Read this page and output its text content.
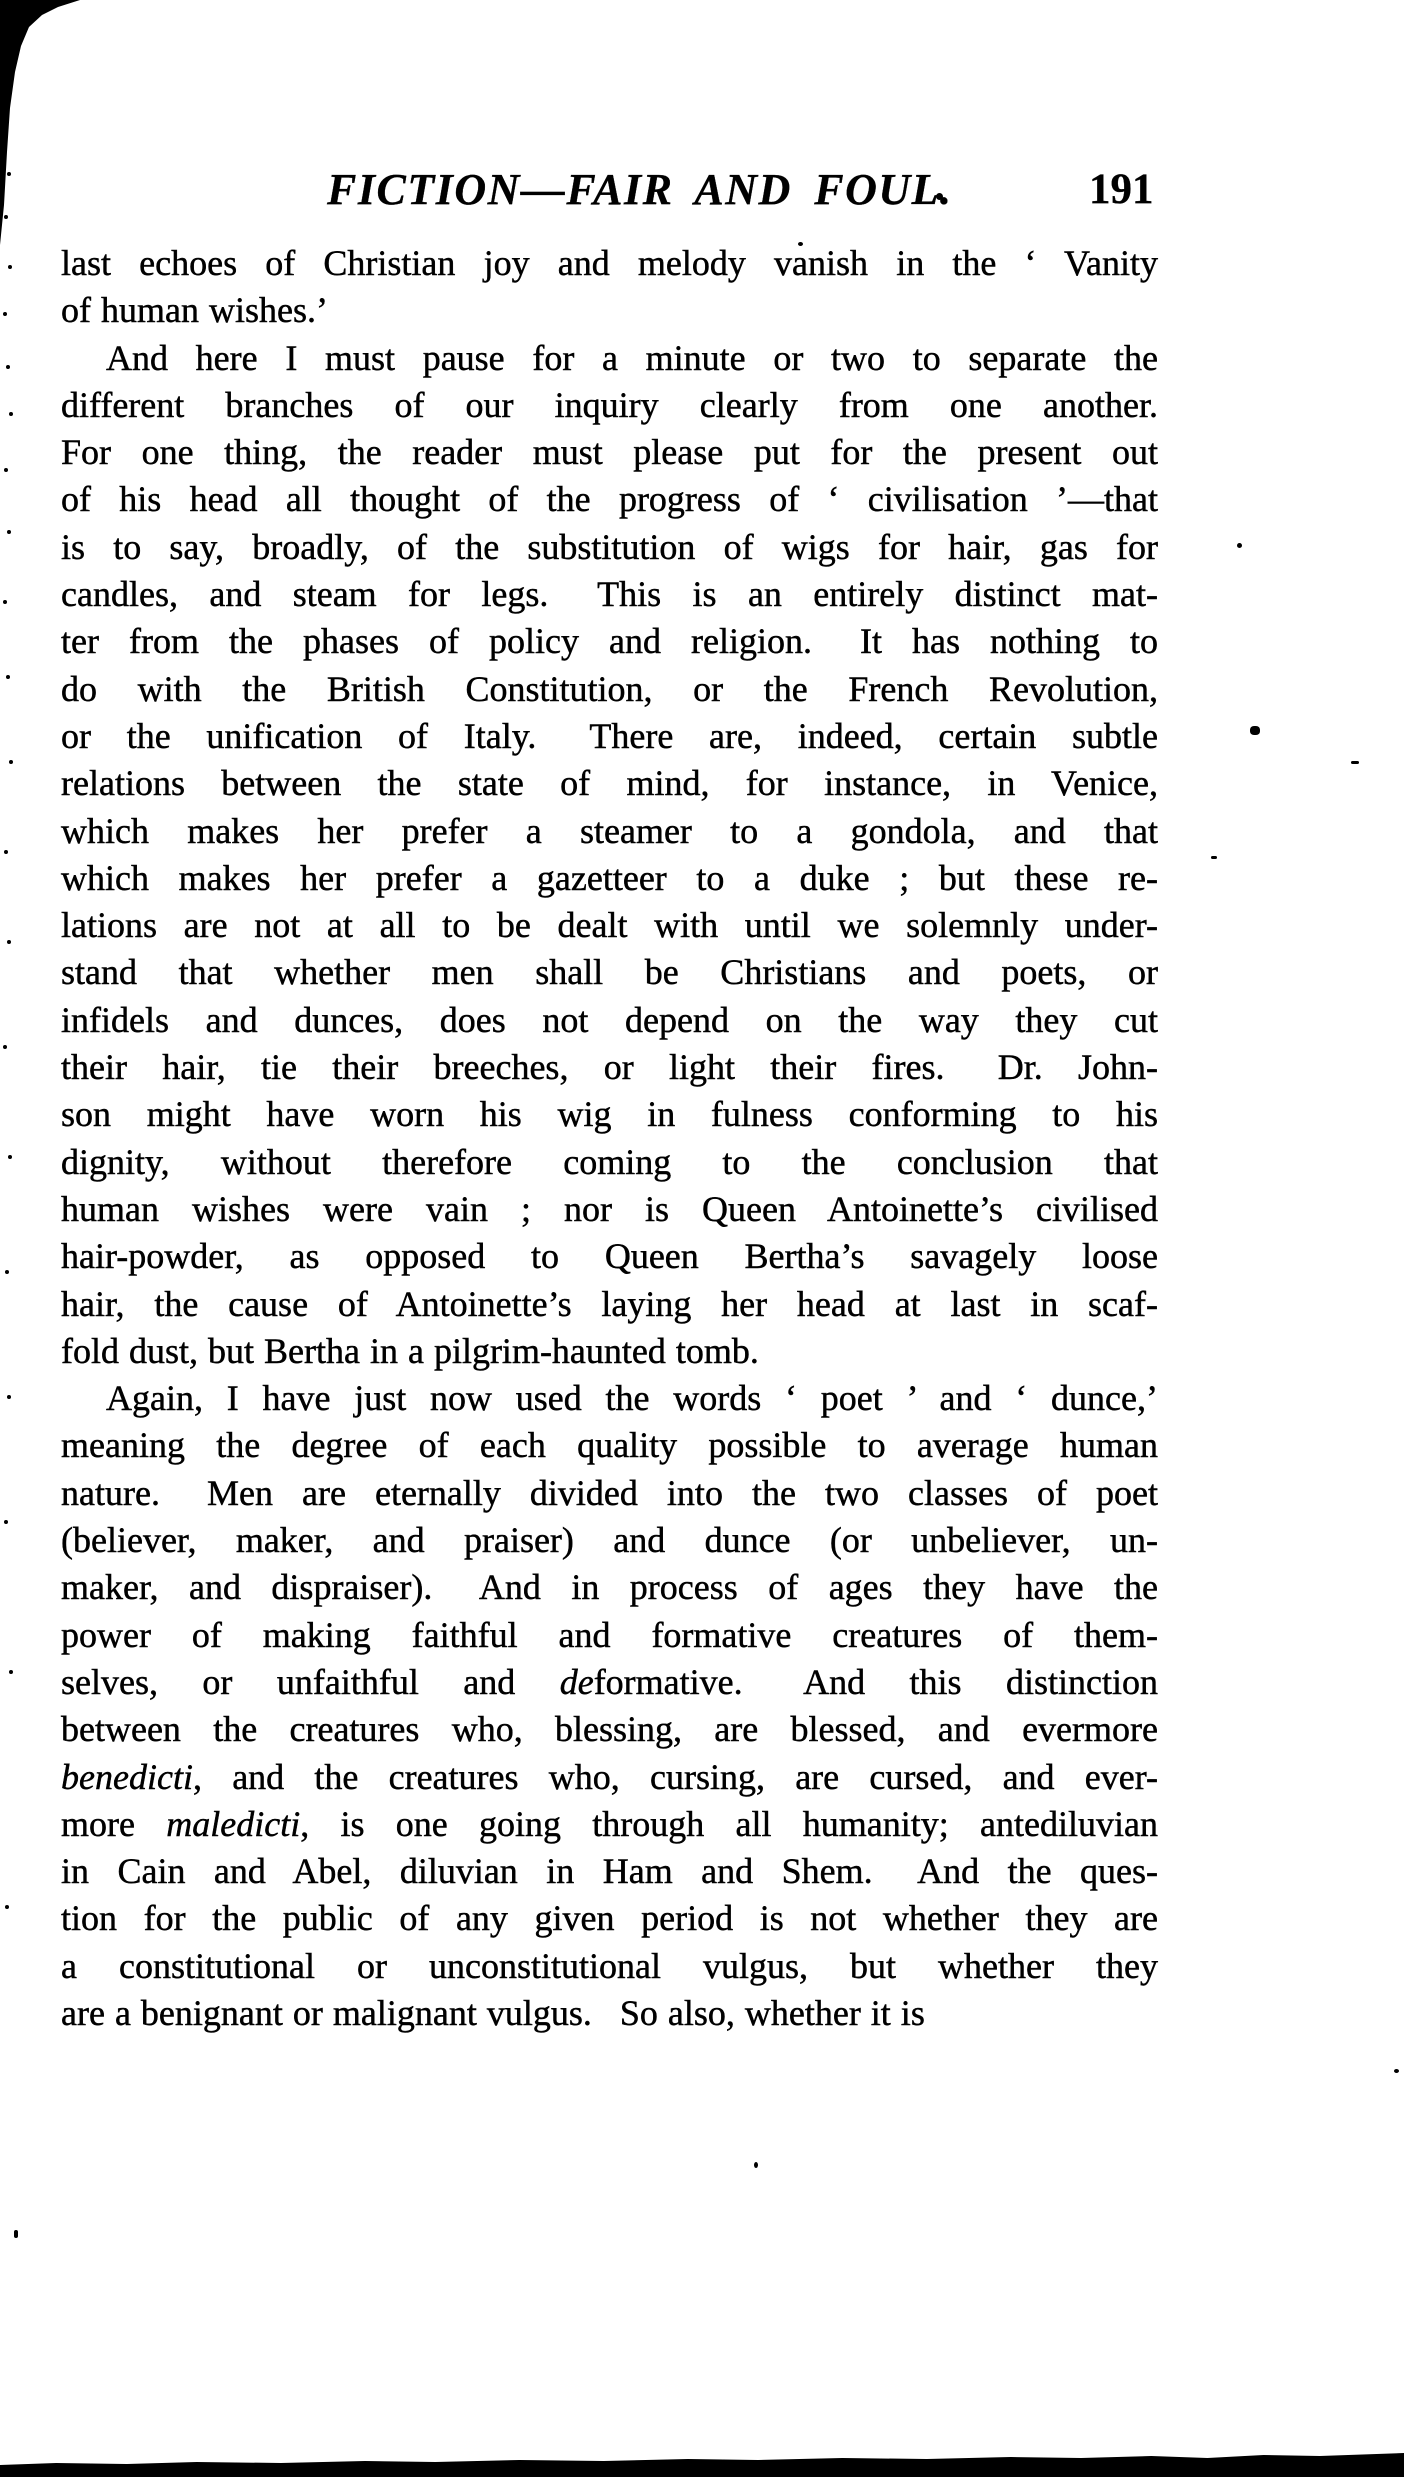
FICTION—FAIR AND FOUL.	191
last echoes of Christian joy and melody vanish in the ‘ Vanity
of human wishes.’
And here I must pause for a minute or two to separate the
different branches of our inquiry clearly from one another.
For one thing, the reader must please put for the present out
of his head all thought of the progress of ‘ civilisation ’—that
is to say, broadly, of the substitution of wigs for hair, gas for
candles, and steam for legs.  This is an entirely distinct mat-
ter from the phases of policy and religion.  It has nothing to
do with the British Constitution, or the French Revolution,
or the unification of Italy.  There are, indeed, certain subtle
relations between the state of mind, for instance, in Venice,
which makes her prefer a steamer to a gondola, and that
which makes her prefer a gazetteer to a duke ; but these re-
lations are not at all to be dealt with until we solemnly under-
stand that whether men shall be Christians and poets, or
infidels and dunces, does not depend on the way they cut
their hair, tie their breeches, or light their fires.  Dr. John-
son might have worn his wig in fulness conforming to his
dignity, without therefore coming to the conclusion that
human wishes were vain ; nor is Queen Antoinette’s civilised
hair-powder, as opposed to Queen Bertha’s savagely loose
hair, the cause of Antoinette’s laying her head at last in scaf-
fold dust, but Bertha in a pilgrim-haunted tomb.
Again, I have just now used the words ‘ poet ’ and ‘ dunce,’
meaning the degree of each quality possible to average human
nature.  Men are eternally divided into the two classes of poet
(believer, maker, and praiser) and dunce (or unbeliever, un-
maker, and dispraiser).  And in process of ages they have the
power of making faithful and formative creatures of them-
selves, or unfaithful and deformative.  And this distinction
between the creatures who, blessing, are blessed, and evermore
benedicti, and the creatures who, cursing, are cursed, and ever-
more maledicti, is one going through all humanity; antediluvian
in Cain and Abel, diluvian in Ham and Shem.  And the ques-
tion for the public of any given period is not whether they are
a constitutional or unconstitutional vulgus, but whether they
are a benignant or malignant vulgus.  So also, whether it is
